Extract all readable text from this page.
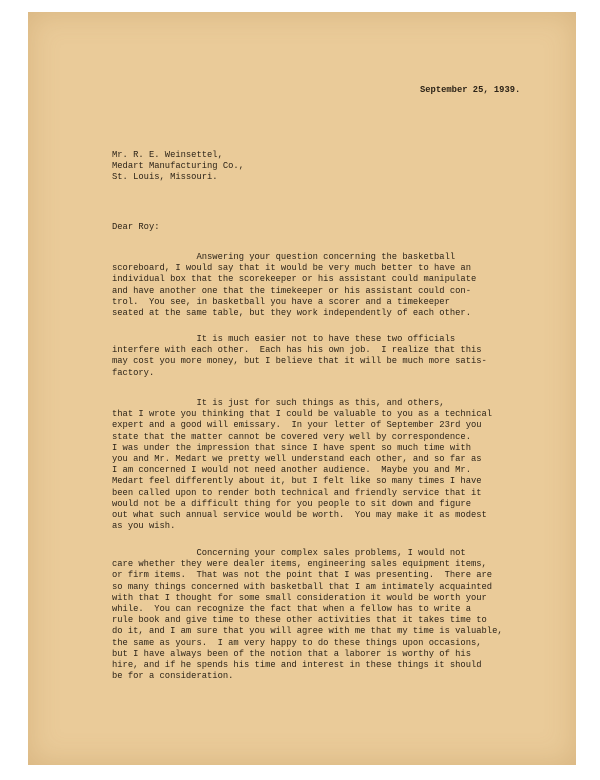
September 25, 1939.
Mr. R. E. Weinsettel,
Medart Manufacturing Co.,
St. Louis, Missouri.
Dear Roy:
Answering your question concerning the basketball
scoreboard, I would say that it would be very much better to have an
individual box that the scorekeeper or his assistant could manipulate
and have another one that the timekeeper or his assistant could con-
trol.  You see, in basketball you have a scorer and a timekeeper
seated at the same table, but they work independently of each other.
It is much easier not to have these two officials
interfere with each other.  Each has his own job.  I realize that this
may cost you more money, but I believe that it will be much more satis-
factory.
It is just for such things as this, and others,
that I wrote you thinking that I could be valuable to you as a technical
expert and a good will emissary.  In your letter of September 23rd you
state that the matter cannot be covered very well by correspondence.
I was under the impression that since I have spent so much time with
you and Mr. Medart we pretty well understand each other, and so far as
I am concerned I would not need another audience.  Maybe you and Mr.
Medart feel differently about it, but I felt like so many times I have
been called upon to render both technical and friendly service that it
would not be a difficult thing for you people to sit down and figure
out what such annual service would be worth.  You may make it as modest
as you wish.
Concerning your complex sales problems, I would not
care whether they were dealer items, engineering sales equipment items,
or firm items.  That was not the point that I was presenting.  There are
so many things concerned with basketball that I am intimately acquainted
with that I thought for some small consideration it would be worth your
while.  You can recognize the fact that when a fellow has to write a
rule book and give time to these other activities that it takes time to
do it, and I am sure that you will agree with me that my time is valuable,
the same as yours.  I am very happy to do these things upon occasions,
but I have always been of the notion that a laborer is worthy of his
hire, and if he spends his time and interest in these things it should
be for a consideration.
